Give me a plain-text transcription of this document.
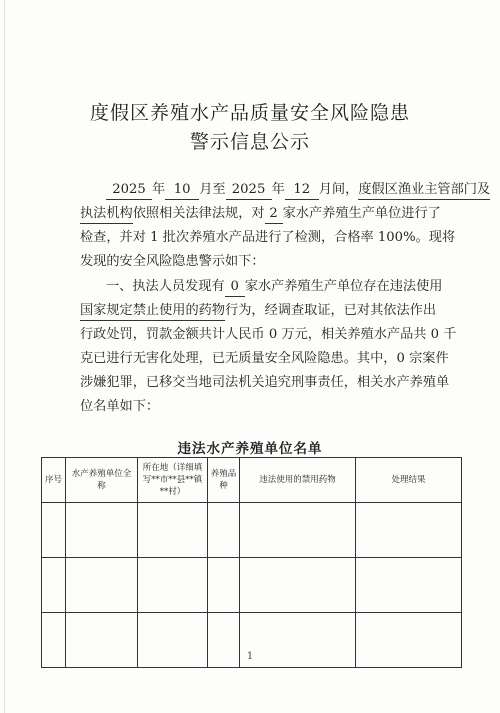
度假区养殖水产品质量安全风险隐患
警示信息公示
2025 年 10 月至 2025 年 12 月间，度假区渔业主管部门及
执法机构依照相关法律法规，对 2 家水产养殖生产单位进行了
检查，并对 1 批次养殖水产品进行了检测，合格率 100%。现将
发现的安全风险隐患警示如下：
一、执法人员发现有 0 家水产养殖生产单位存在违法使用
国家规定禁止使用的药物行为，经调查取证，已对其依法作出
行政处罚，罚款金额共计人民币 0 万元，相关养殖水产品共 0 千
克已进行无害化处理，已无质量安全风险隐患。其中，0 宗案件
涉嫌犯罪，已移交当地司法机关追究刑事责任，相关水产养殖单
位名单如下：
违法水产养殖单位名单
序号	水产养殖单位全称	所在地（详细填写**市**县**镇**村）	养殖品种	违法使用的禁用药物	处理结果

1
